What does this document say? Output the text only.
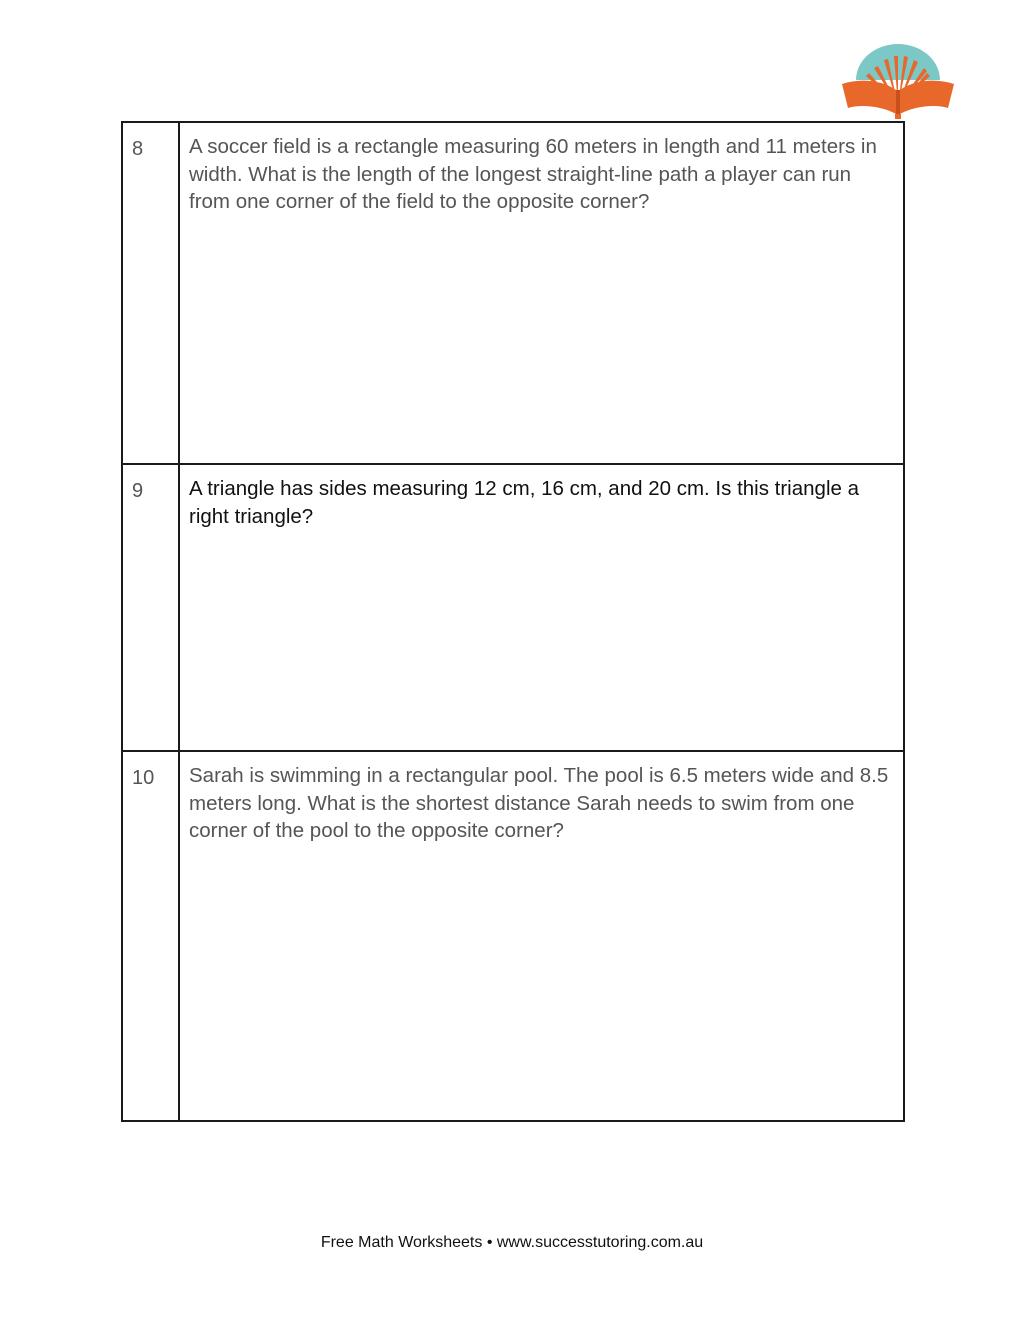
8	A soccer field is a rectangle measuring 60 meters in length and 11 meters in width. What is the length of the longest straight-line path a player can run from one corner of the field to the opposite corner?

9	A triangle has sides measuring 12 cm, 16 cm, and 20 cm. Is this triangle a right triangle?

10	Sarah is swimming in a rectangular pool. The pool is 6.5 meters wide and 8.5 meters long. What is the shortest distance Sarah needs to swim from one corner of the pool to the opposite corner?
Free Math Worksheets • www.successtutoring.com.au
